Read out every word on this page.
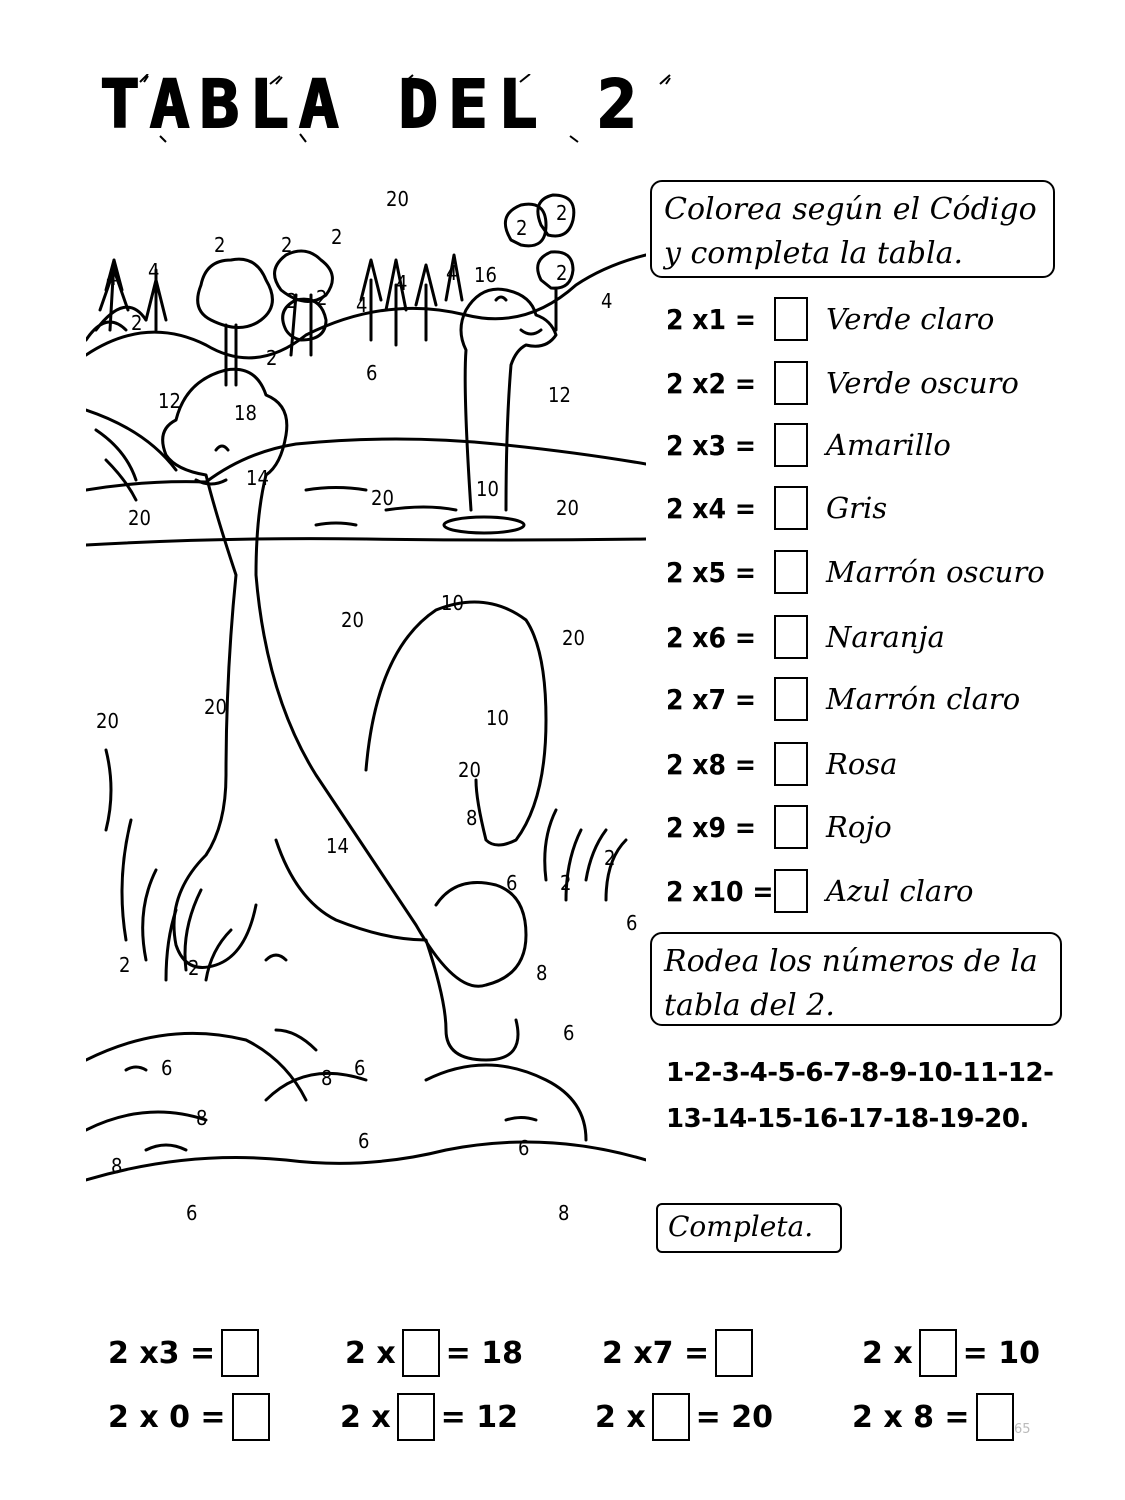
TABLA DEL 2
20
2	2 2	2
2
2
4 4
4
4 4
4
2
2
2 2
16
6
12	12
18
14
20
20	10
20
10
20
20
20
20	10
20
8
14
6 2
2
2	2
6
6
8
6	8 6
8
6
8
6
6	8
Colorea según el Código y completa la tabla.
2 x1 =	Verde claro
2 x2 =	Verde oscuro
2 x3 =	Amarillo
2 x4 =	Gris
2 x5 =	Marrón oscuro
2 x6 =	Naranja
2 x7 =	Marrón claro
2 x8 =	Rosa
2 x9 =	Rojo
2 x10 = Azul claro
Rodea los números de la tabla del 2.
1-2-3-4-5-6-7-8-9-10-11-12-13-14-15-16-17-18-19-20.
Completa.
2 x3 =	2 x = 18	2 x7 =	2 x = 10
2 x 0 =	2 x = 12	2 x = 20	2 x 8 =	65
